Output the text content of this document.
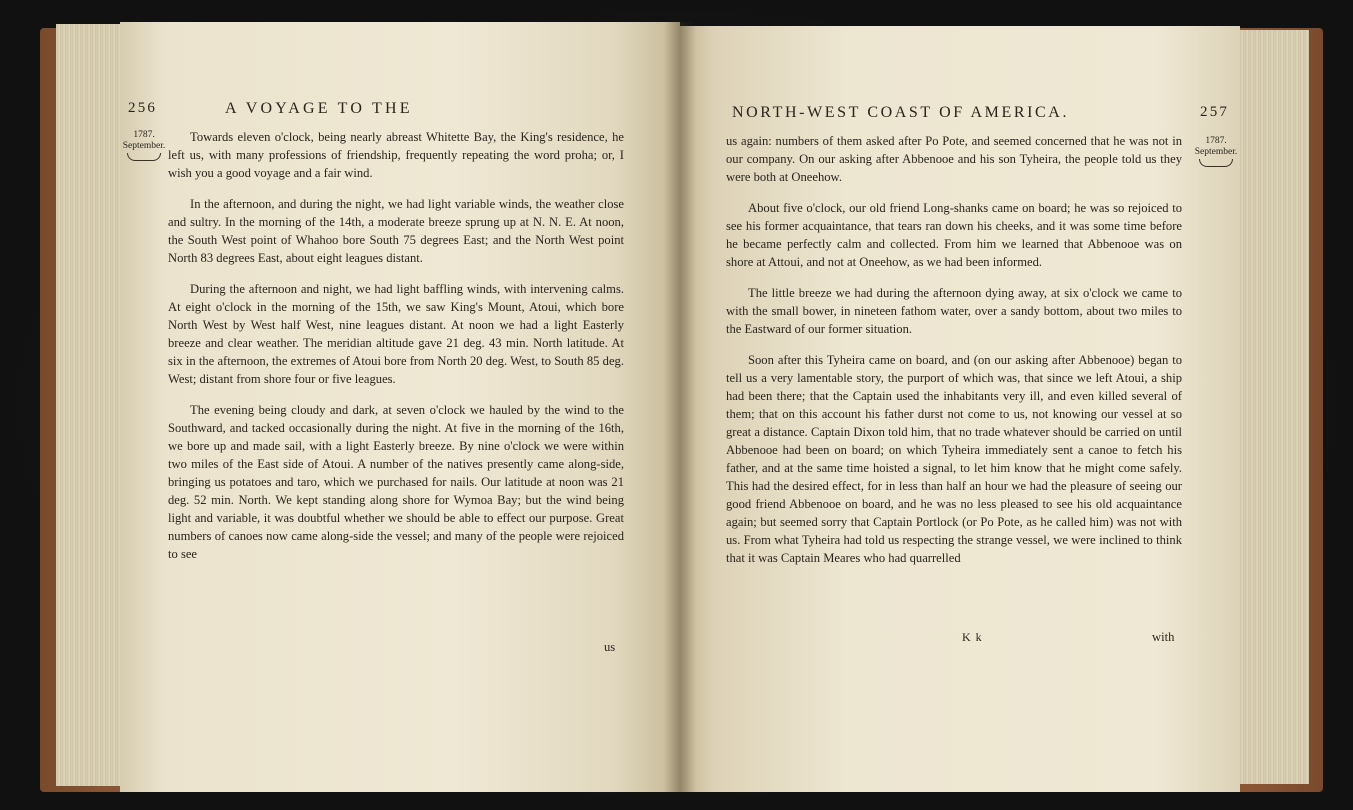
256	A VOYAGE TO THE
1787.
September.

Towards eleven o'clock, being nearly abreast Whitette Bay, the King's residence, he left us, with many professions of friendship, frequently repeating the word proha; or, I wish you a good voyage and a fair wind.

In the afternoon, and during the night, we had light variable winds, the weather close and sultry. In the morning of the 14th, a moderate breeze sprung up at N. N. E. At noon, the South West point of Whahoo bore South 75 degrees East; and the North West point North 83 degrees East, about eight leagues distant.

During the afternoon and night, we had light baffling winds, with intervening calms. At eight o'clock in the morning of the 15th, we saw King's Mount, Atoui, which bore North West by West half West, nine leagues distant. At noon we had a light Easterly breeze and clear weather. The meridian altitude gave 21 deg. 43 min. North latitude. At six in the afternoon, the extremes of Atoui bore from North 20 deg. West, to South 85 deg. West; distant from shore four or five leagues.

The evening being cloudy and dark, at seven o'clock we hauled by the wind to the Southward, and tacked occasionally during the night. At five in the morning of the 16th, we bore up and made sail, with a light Easterly breeze. By nine o'clock we were within two miles of the East side of Atoui. A number of the natives presently came along-side, bringing us potatoes and taro, which we purchased for nails. Our latitude at noon was 21 deg. 52 min. North. We kept standing along shore for Wymoa Bay; but the wind being light and variable, it was doubtful whether we should be able to effect our purpose. Great numbers of canoes now came along-side the vessel; and many of the people were rejoiced to see

us
NORTH-WEST COAST OF AMERICA.	257
1787.
September.

us again: numbers of them asked after Po Pote, and seemed concerned that he was not in our company. On our asking after Abbenooe and his son Tyheira, the people told us they were both at Oneehow.

About five o'clock, our old friend Long-shanks came on board; he was so rejoiced to see his former acquaintance, that tears ran down his cheeks, and it was some time before he became perfectly calm and collected. From him we learned that Abbenooe was on shore at Attoui, and not at Oneehow, as we had been informed.

The little breeze we had during the afternoon dying away, at six o'clock we came to with the small bower, in nineteen fathom water, over a sandy bottom, about two miles to the Eastward of our former situation.

Soon after this Tyheira came on board, and (on our asking after Abbenooe) began to tell us a very lamentable story, the purport of which was, that since we left Atoui, a ship had been there; that the Captain used the inhabitants very ill, and even killed several of them; that on this account his father durst not come to us, not knowing our vessel at so great a distance. Captain Dixon told him, that no trade whatever should be carried on until Abbenooe had been on board; on which Tyheira immediately sent a canoe to fetch his father, and at the same time hoisted a signal, to let him know that he might come safely. This had the desired effect, for in less than half an hour we had the pleasure of seeing our good friend Abbenooe on board, and he was no less pleased to see his old acquaintance again; but seemed sorry that Captain Portlock (or Po Pote, as he called him) was not with us. From what Tyheira had told us respecting the strange vessel, we were inclined to think that it was Captain Meares who had quarrelled

K k	with
